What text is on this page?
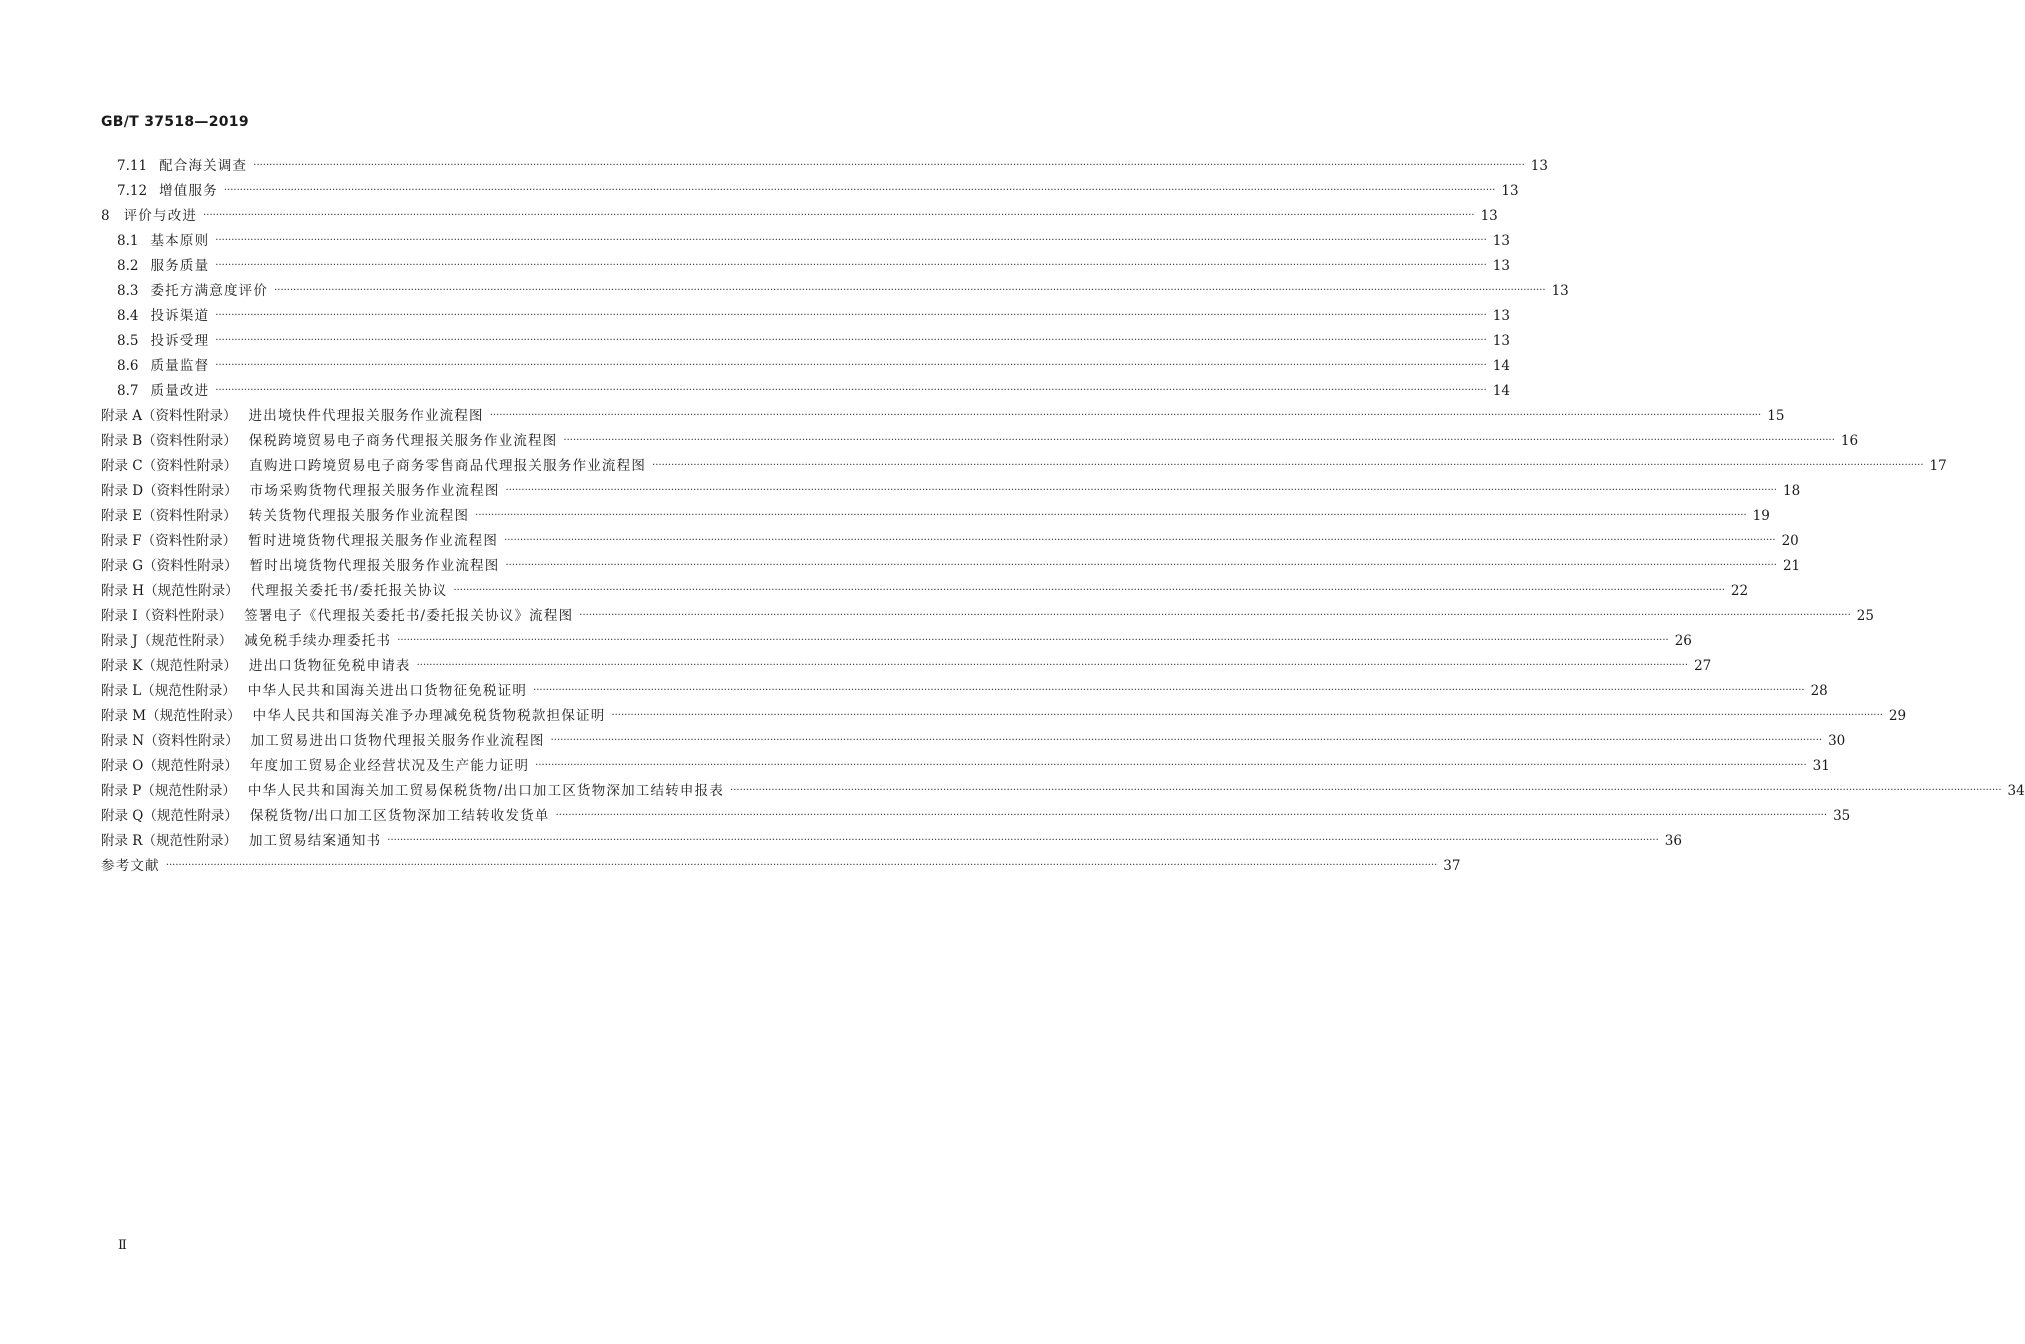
GB/T 37518—2019
7.11 配合海关调查 ················································································································································································································································································································································································································ 13
7.12 增值服务 ················································································································································································································································································································································································································ 13
8 评价与改进 ················································································································································································································································································································································································································ 13
8.1 基本原则 ················································································································································································································································································································································································································ 13
8.2 服务质量 ················································································································································································································································································································································································································ 13
8.3 委托方满意度评价 ················································································································································································································································································································································································································ 13
8.4 投诉渠道 ················································································································································································································································································································································································································ 13
8.5 投诉受理 ················································································································································································································································································································································································································ 13
8.6 质量监督 ················································································································································································································································································································································································································ 14
8.7 质量改进 ················································································································································································································································································································································································································ 14
附录 A（资料性附录） 进出境快件代理报关服务作业流程图 ················································································································································································································································································································································································································ 15
附录 B（资料性附录） 保税跨境贸易电子商务代理报关服务作业流程图 ················································································································································································································································································································································································································ 16
附录 C（资料性附录） 直购进口跨境贸易电子商务零售商品代理报关服务作业流程图 ················································································································································································································································································································································································································ 17
附录 D（资料性附录） 市场采购货物代理报关服务作业流程图 ················································································································································································································································································································································································································ 18
附录 E（资料性附录） 转关货物代理报关服务作业流程图 ················································································································································································································································································································································································································ 19
附录 F（资料性附录） 暂时进境货物代理报关服务作业流程图 ················································································································································································································································································································································································································ 20
附录 G（资料性附录） 暂时出境货物代理报关服务作业流程图 ················································································································································································································································································································································································································ 21
附录 H（规范性附录） 代理报关委托书/委托报关协议 ················································································································································································································································································································································································································ 22
附录 I（资料性附录） 签署电子《代理报关委托书/委托报关协议》流程图 ················································································································································································································································································································································································································ 25
附录 J（规范性附录） 减免税手续办理委托书 ················································································································································································································································································································································································································ 26
附录 K（规范性附录） 进出口货物征免税申请表 ················································································································································································································································································································································································································ 27
附录 L（规范性附录） 中华人民共和国海关进出口货物征免税证明 ················································································································································································································································································································································································································ 28
附录 M（规范性附录） 中华人民共和国海关准予办理减免税货物税款担保证明 ················································································································································································································································································································································································································ 29
附录 N（资料性附录） 加工贸易进出口货物代理报关服务作业流程图 ················································································································································································································································································································································································································ 30
附录 O（规范性附录） 年度加工贸易企业经营状况及生产能力证明 ················································································································································································································································································································································································································ 31
附录 P（规范性附录） 中华人民共和国海关加工贸易保税货物/出口加工区货物深加工结转申报表 ················································································································································································································································································································································································································ 34
附录 Q（规范性附录） 保税货物/出口加工区货物深加工结转收发货单 ················································································································································································································································································································································································································ 35
附录 R（规范性附录） 加工贸易结案通知书 ················································································································································································································································································································································································································ 36
参考文献 ················································································································································································································································································································································································································ 37
Ⅱ
